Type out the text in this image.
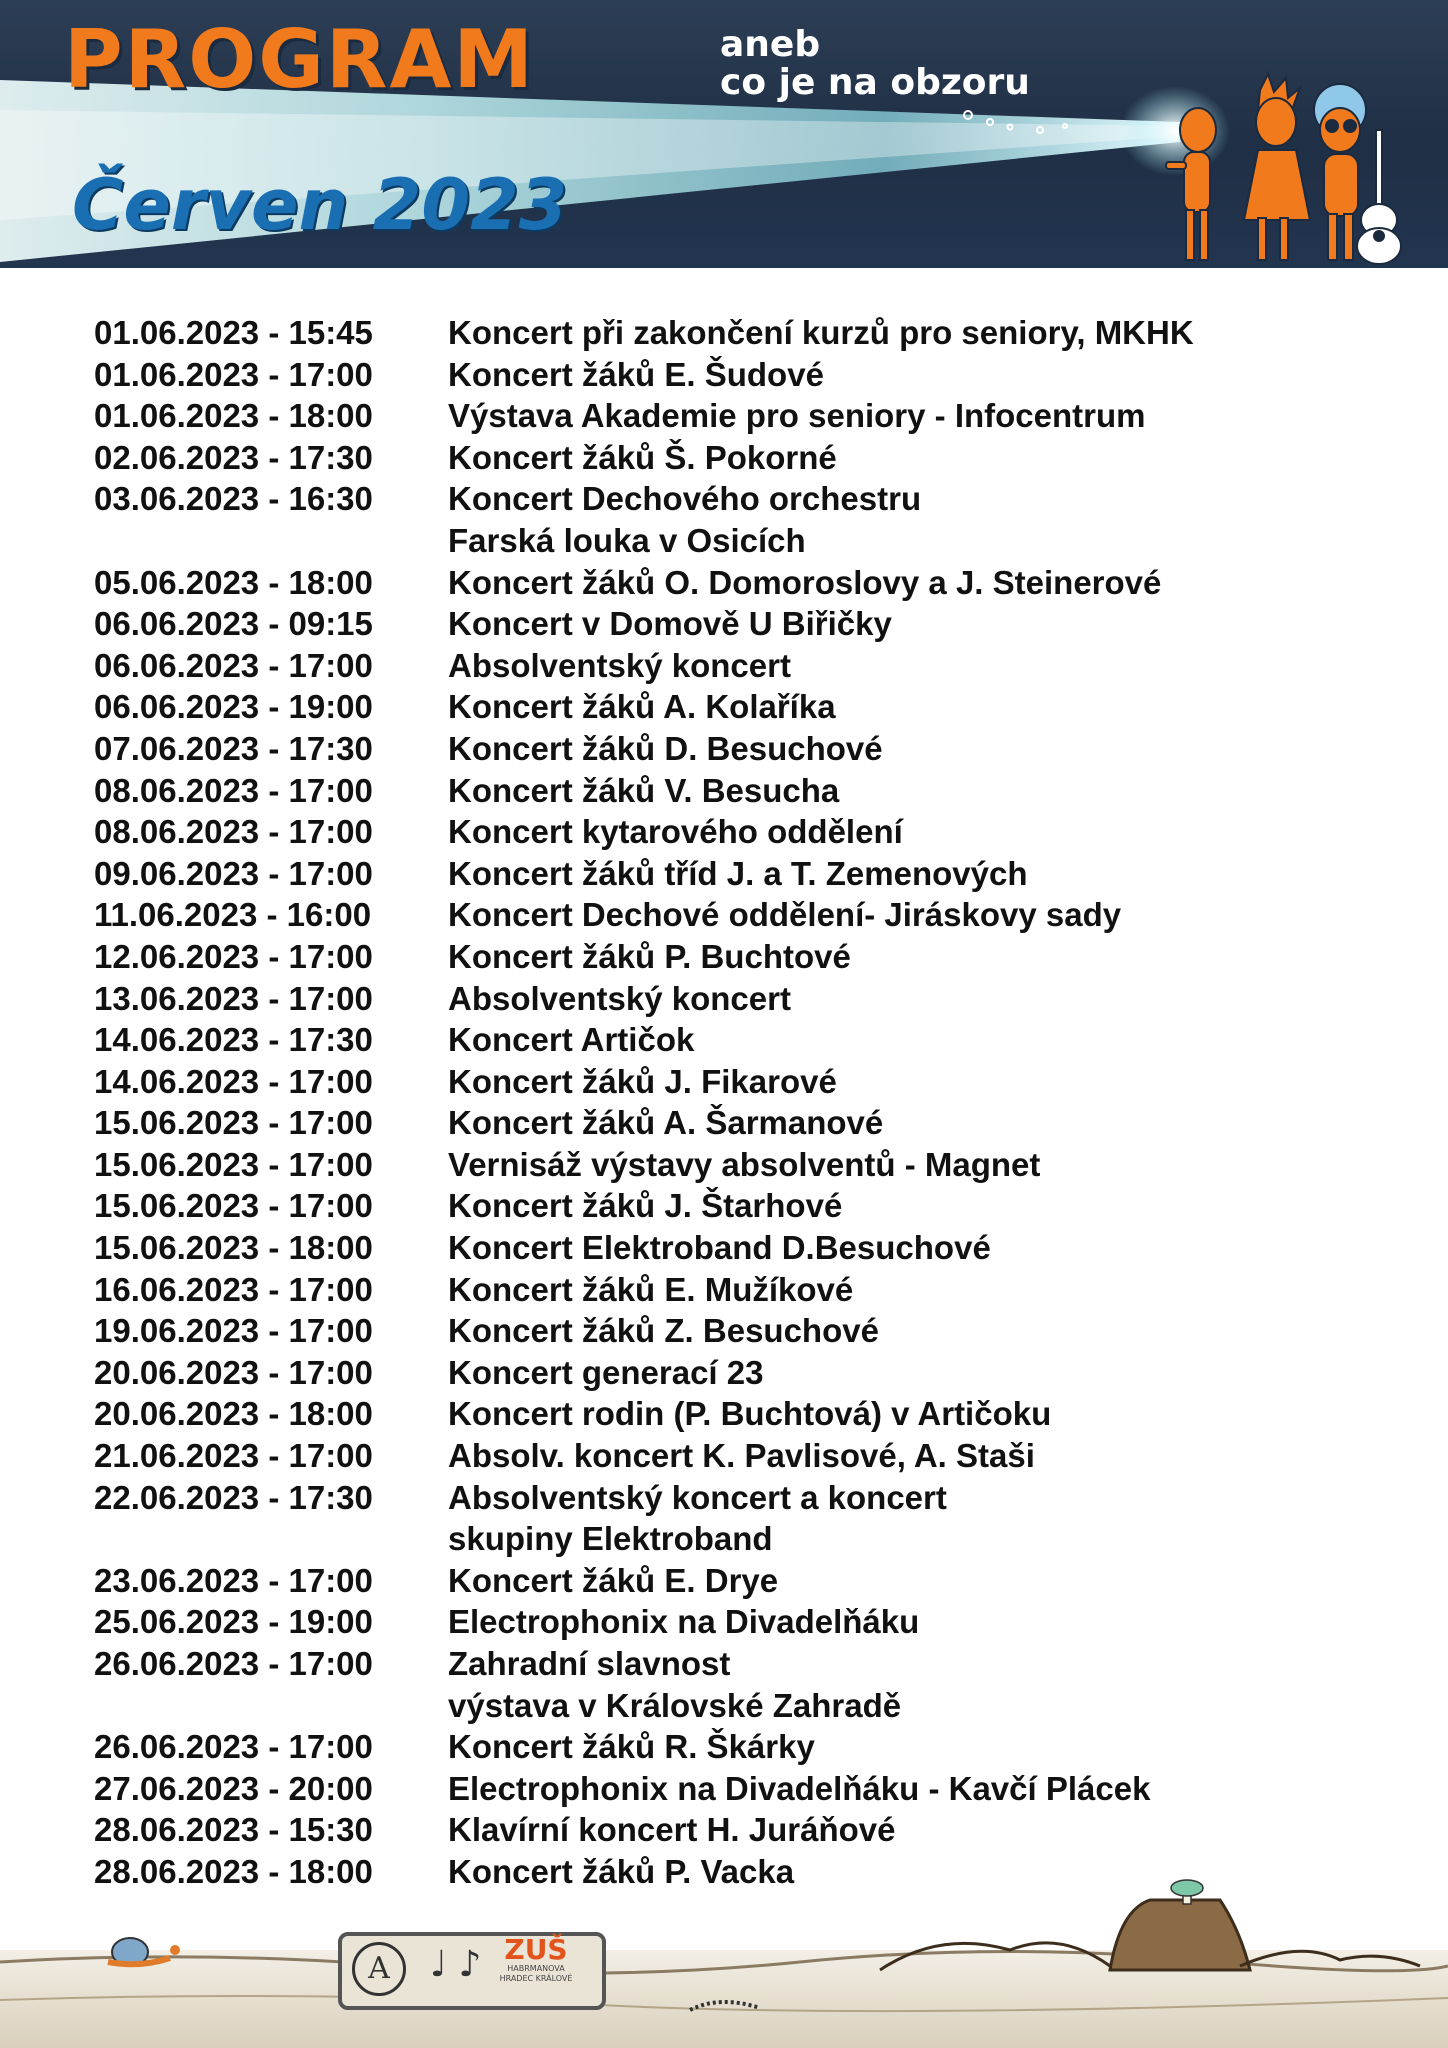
PROGRAM	aneb
co je na obzoru
Červen 2023
01.06.2023 - 15:45	Koncert při zakončení kurzů pro seniory, MKHK
01.06.2023 - 17:00	Koncert žáků E. Šudové
01.06.2023 - 18:00	Výstava Akademie pro seniory - Infocentrum
02.06.2023 - 17:30	Koncert žáků Š. Pokorné
03.06.2023 - 16:30	Koncert Dechového orchestru
Farská louka v Osicích
05.06.2023 - 18:00	Koncert žáků O. Domoroslovy a J. Steinerové
06.06.2023 - 09:15	Koncert v Domově U Biřičky
06.06.2023 - 17:00	Absolventský koncert
06.06.2023 - 19:00	Koncert žáků A. Kolaříka
07.06.2023 - 17:30	Koncert žáků D. Besuchové
08.06.2023 - 17:00	Koncert žáků V. Besucha
08.06.2023 - 17:00	Koncert kytarového oddělení
09.06.2023 - 17:00	Koncert žáků tříd J. a T. Zemenových
11.06.2023 - 16:00	Koncert Dechové oddělení- Jiráskovy sady
12.06.2023 - 17:00	Koncert žáků P. Buchtové
13.06.2023 - 17:00	Absolventský koncert
14.06.2023 - 17:30	Koncert Artičok
14.06.2023 - 17:00	Koncert žáků J. Fikarové
15.06.2023 - 17:00	Koncert žáků A. Šarmanové
15.06.2023 - 17:00	Vernisáž výstavy absolventů - Magnet
15.06.2023 - 17:00	Koncert žáků J. Štarhové
15.06.2023 - 18:00	Koncert Elektroband D.Besuchové
16.06.2023 - 17:00	Koncert žáků E. Mužíkové
19.06.2023 - 17:00	Koncert žáků Z. Besuchové
20.06.2023 - 17:00	Koncert generací 23
20.06.2023 - 18:00	Koncert rodin (P. Buchtová) v Artičoku
21.06.2023 - 17:00	Absolv. koncert K. Pavlisové, A. Staši
22.06.2023 - 17:30	Absolventský koncert a koncert
skupiny Elektroband
23.06.2023 - 17:00	Koncert žáků E. Drye
25.06.2023 - 19:00	Electrophonix na Divadelňáku
26.06.2023 - 17:00	Zahradní slavnost
výstava v Královské Zahradě
26.06.2023 - 17:00	Koncert žáků R. Škárky
27.06.2023 - 20:00	Electrophonix na Divadelňáku - Kavčí Plácek
28.06.2023 - 15:30	Klavírní koncert H. Juráňové
28.06.2023 - 18:00	Koncert žáků P. Vacka
A	♩ ♪ ZUŠ
HABRMANOVA
HRADEC KRÁLOVÉ
